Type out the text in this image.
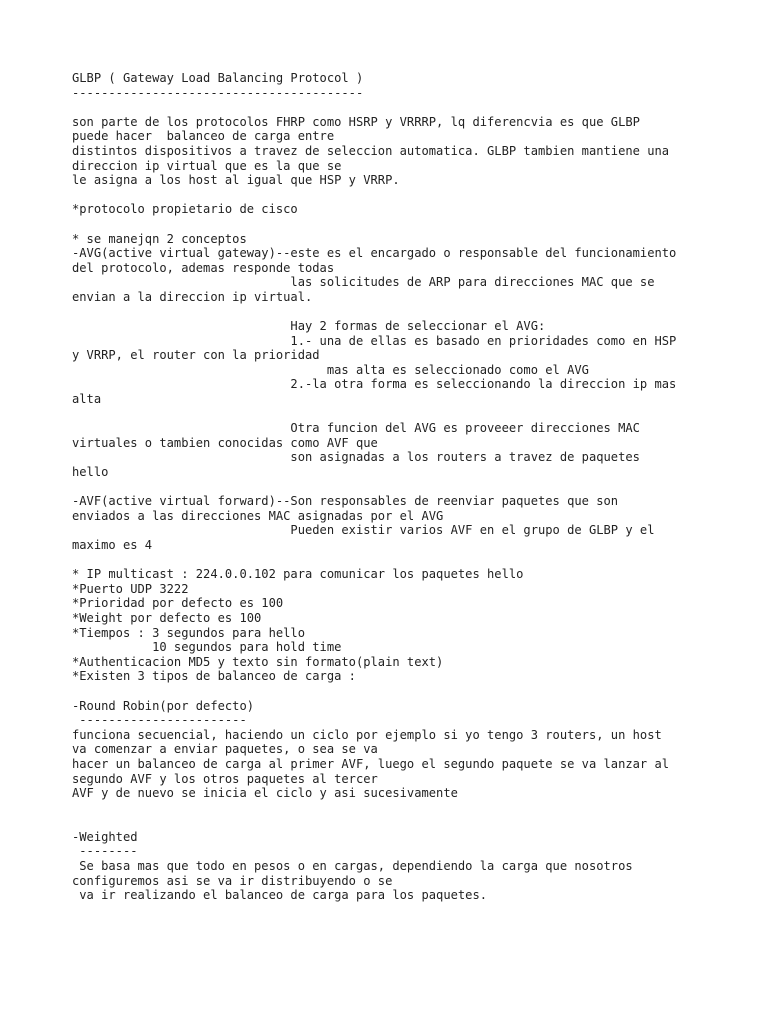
GLBP ( Gateway Load Balancing Protocol )
----------------------------------------

son parte de los protocolos FHRP como HSRP y VRRRP, lq diferencvia es que GLBP
puede hacer  balanceo de carga entre
distintos dispositivos a travez de seleccion automatica. GLBP tambien mantiene una
direccion ip virtual que es la que se
le asigna a los host al igual que HSP y VRRP.

*protocolo propietario de cisco

* se manejqn 2 conceptos
-AVG(active virtual gateway)--este es el encargado o responsable del funcionamiento
del protocolo, ademas responde todas
las solicitudes de ARP para direcciones MAC que se
envian a la direccion ip virtual.

Hay 2 formas de seleccionar el AVG:
1.- una de ellas es basado en prioridades como en HSP
y VRRP, el router con la prioridad
mas alta es seleccionado como el AVG
2.-la otra forma es seleccionando la direccion ip mas
alta

Otra funcion del AVG es proveeer direcciones MAC
virtuales o tambien conocidas como AVF que
son asignadas a los routers a travez de paquetes
hello

-AVF(active virtual forward)--Son responsables de reenviar paquetes que son
enviados a las direcciones MAC asignadas por el AVG
Pueden existir varios AVF en el grupo de GLBP y el
maximo es 4

* IP multicast : 224.0.0.102 para comunicar los paquetes hello
*Puerto UDP 3222
*Prioridad por defecto es 100
*Weight por defecto es 100
*Tiempos : 3 segundos para hello
10 segundos para hold time
*Authenticacion MD5 y texto sin formato(plain text)
*Existen 3 tipos de balanceo de carga :

-Round Robin(por defecto)
-----------------------
funciona secuencial, haciendo un ciclo por ejemplo si yo tengo 3 routers, un host
va comenzar a enviar paquetes, o sea se va
hacer un balanceo de carga al primer AVF, luego el segundo paquete se va lanzar al
segundo AVF y los otros paquetes al tercer
AVF y de nuevo se inicia el ciclo y asi sucesivamente

-Weighted
--------
Se basa mas que todo en pesos o en cargas, dependiendo la carga que nosotros
configuremos asi se va ir distribuyendo o se
va ir realizando el balanceo de carga para los paquetes.
